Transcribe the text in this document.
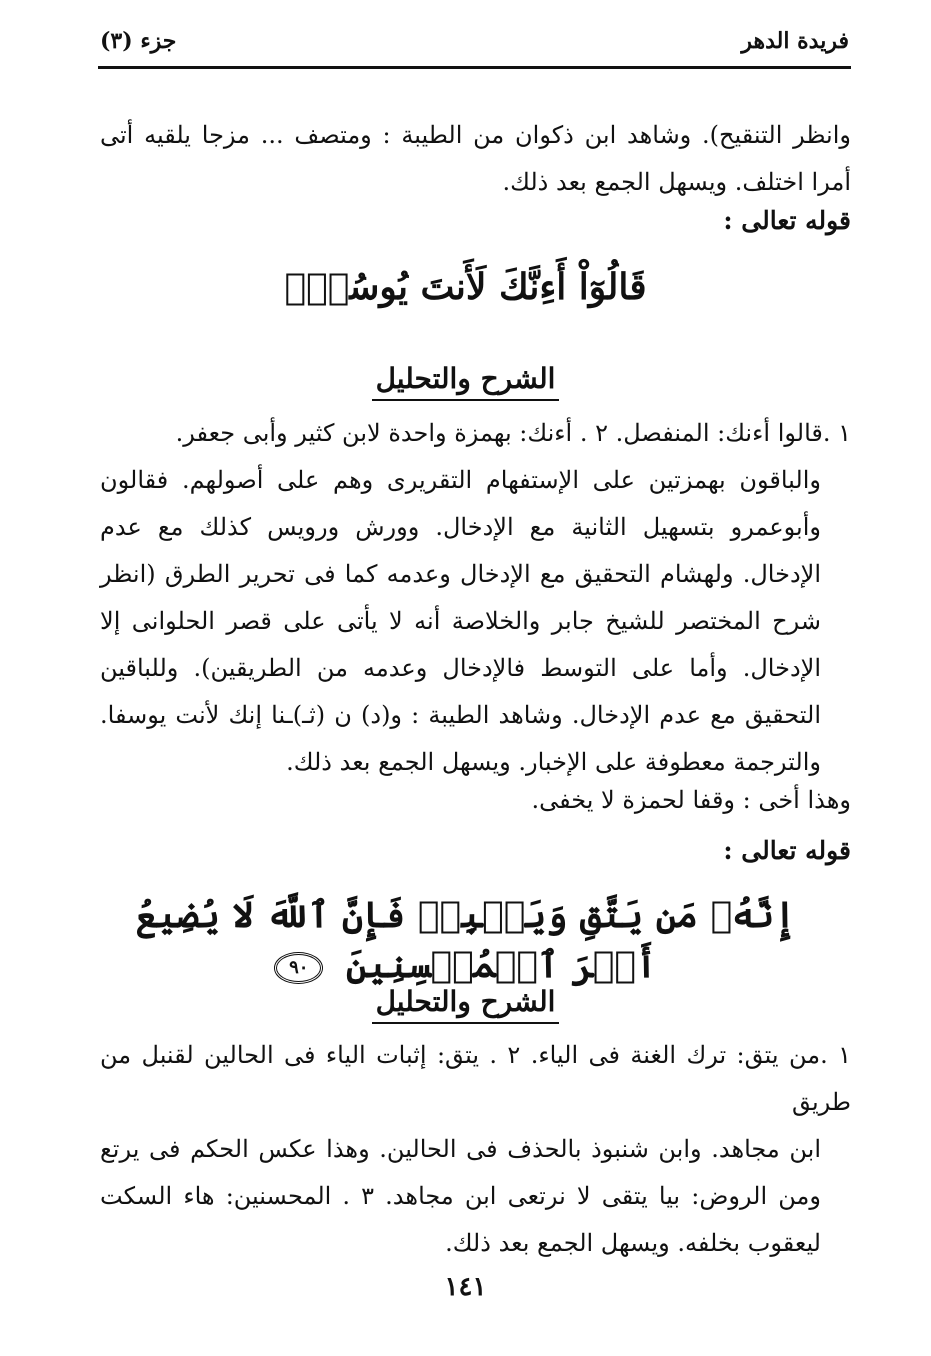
فريدة الدهر
جزء (٣)

وانظر التنقيح). وشاهد ابن ذكوان من الطيبة : ومتصف ... مزجا يلقيه أتى أمرا اختلف. ويسهل الجمع بعد ذلك.

قوله تعالى :
قَالُوٓاْ أَءِنَّكَ لَأَنتَ يُوسُفُۖ
الشرح والتحليل

١ .قالوا أءنك: المنفصل. ٢ . أءنك: بهمزة واحدة لابن كثير وأبى جعفر.

والباقون بهمزتين على الإستفهام التقريرى وهم على أصولهم. فقالون وأبوعمرو بتسهيل الثانية مع الإدخال. وورش ورويس كذلك مع عدم الإدخال. ولهشام التحقيق مع الإدخال وعدمه كما فى تحرير الطرق (انظر شرح المختصر للشيخ جابر والخلاصة أنه لا يأتى على قصر الحلوانى إلا الإدخال. وأما على التوسط فالإدخال وعدمه من الطريقين). وللباقين التحقيق مع عدم الإدخال. وشاهد الطيبة : و(د) ن (ثـ)ـنا إنك لأنت يوسفا. والترجمة معطوفة على الإخبار. ويسهل الجمع بعد ذلك.

وهذا أخى : وقفا لحمزة لا يخفى.
قوله تعالى :
إِنَّهُۥ مَن يَتَّقِ وَيَصۡبِرۡ فَإِنَّ ٱللَّهَ لَا يُضِيعُ أَجۡرَ ٱلۡمُحۡسِنِينَ ٩٠
الشرح والتحليل

١ .من يتق: ترك الغنة فى الياء. ٢ . يتق: إثبات الياء فى الحالين لقنبل من طريق

ابن مجاهد. وابن شنبوذ بالحذف فى الحالين. وهذا عكس الحكم فى يرتع ومن الروض: بيا يتقى لا نرتعى ابن مجاهد. ٣ . المحسنين: هاء السكت ليعقوب بخلفه. ويسهل الجمع بعد ذلك.

١٤١
